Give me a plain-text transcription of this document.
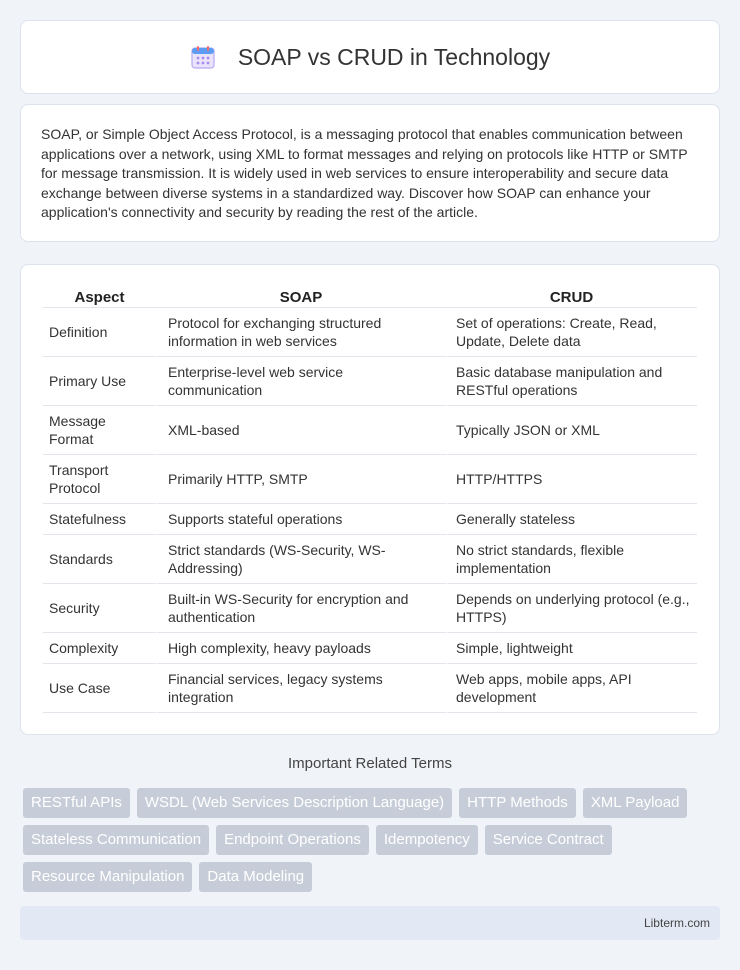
SOAP vs CRUD in Technology

SOAP, or Simple Object Access Protocol, is a messaging protocol that enables communication between applications over a network, using XML to format messages and relying on protocols like HTTP or SMTP for message transmission. It is widely used in web services to ensure interoperability and secure data exchange between diverse systems in a standardized way. Discover how SOAP can enhance your application's connectivity and security by reading the rest of the article.

Aspect	SOAP	CRUD
Definition	Protocol for exchanging structured information in web services	Set of operations: Create, Read, Update, Delete data
Primary Use	Enterprise-level web service communication	Basic database manipulation and RESTful operations
Message Format	XML-based	Typically JSON or XML
Transport Protocol	Primarily HTTP, SMTP	HTTP/HTTPS
Statefulness	Supports stateful operations	Generally stateless
Standards	Strict standards (WS-Security, WS-Addressing)	No strict standards, flexible implementation
Security	Built-in WS-Security for encryption and authentication	Depends on underlying protocol (e.g., HTTPS)
Complexity	High complexity, heavy payloads	Simple, lightweight
Use Case	Financial services, legacy systems integration	Web apps, mobile apps, API development
Important Related Terms
RESTful APIs	WSDL (Web Services Description Language)	HTTP Methods	XML Payload
Stateless Communication	Endpoint Operations	Idempotency	Service Contract
Resource Manipulation	Data Modeling
Libterm.com
